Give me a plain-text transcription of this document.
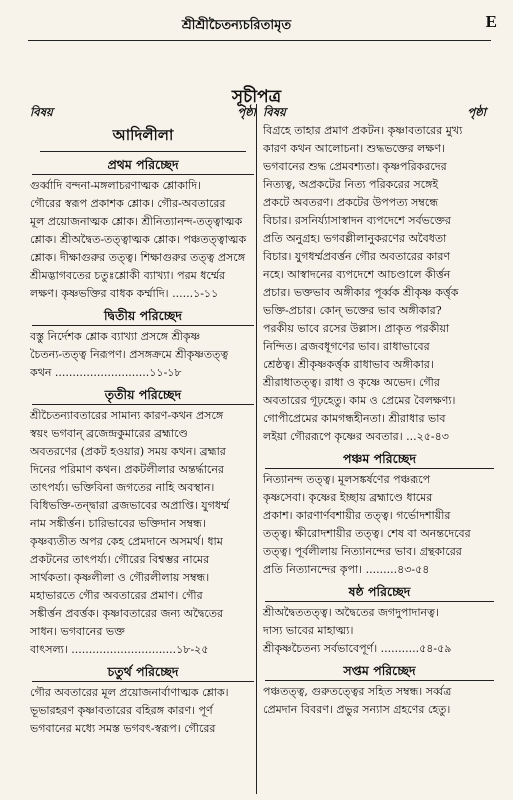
শ্রীশ্রীচৈতন্যচরিতামৃত	E
সূচীপত্র
বিষয়	পৃষ্ঠা
আদিলীলা
প্রথম পরিচ্ছেদ
গুর্ব্বাদি বন্দনা-মঙ্গলাচরণাত্মক শ্লোকাদি।
গৌরের স্বরূপ প্রকাশক শ্লোক। গৌর-অবতারের
মূল প্রয়োজনাত্মক শ্লোক। শ্রীনিত্যানন্দ-তত্ত্বাত্মক
শ্লোক। শ্রীঅদ্বৈত-তত্ত্বাত্মক শ্লোক। পঞ্চতত্ত্বাত্মক
শ্লোক। দীক্ষাগুরুর তত্ত্ব। শিক্ষাগুরুর তত্ত্ব প্রসঙ্গে
শ্রীমদ্ভাগবতের চতুঃশ্লোকী ব্যাখ্যা। পরম ধর্ম্মের
লক্ষণ। কৃষ্ণভক্তির বাধক কর্ম্মাদি। ......১-১১
দ্বিতীয় পরিচ্ছেদ
বস্তু নির্দেশক শ্লোক ব্যাখ্যা প্রসঙ্গে শ্রীকৃষ্ণ
চৈতন্য-তত্ত্ব নিরূপণ। প্রসঙ্গক্রমে শ্রীকৃষ্ণতত্ত্ব
কথন ...........................১১-১৮
তৃতীয় পরিচ্ছেদ
শ্রীচৈতন্যাবতারের সামান্য কারণ-কথন প্রসঙ্গে
স্বয়ং ভগবান্ ব্রজেন্দ্রকুমারের ব্রহ্মাণ্ডে
অবতরণের (প্রকট হওয়ার) সময় কথন। ব্রহ্মার
দিনের পরিমাণ কথন। প্রকটলীলার অন্তর্দ্ধানের
তাৎপর্য্য। ভক্তিবিনা জগতের নাহি অবস্থান।
বিধিভক্তি-তন্দ্বারা ব্রজভাবের অপ্রাপ্তি। যুগধর্ম্ম
নাম সঙ্কীর্ত্তন। চারিভাবের ভক্তিদান সম্বন্ধ।
কৃষ্ণব্যতীত অপর কেহ প্রেমদানে অসমর্থ। ধাম
প্রকটনের তাৎপর্য্য। গৌরের বিশ্বম্ভর নামের
সার্থকতা। কৃষ্ণলীলা ও গৌরলীলায় সম্বন্ধ।
মহাভারতে গৌর অবতারের প্রমাণ। গৌর
সঙ্কীর্ত্তন প্রবর্ত্তক। কৃষ্ণাবতারের জন্য অদ্বৈতের
সাধন। ভগবানের ভক্ত
বাৎসল্য। ..............................১৮-২৫
চতুর্থ পরিচ্ছেদ
গৌর অবতারের মূল প্রয়োজনার্বাণাত্মক শ্লোক।
ভূভারহরণ কৃষ্ণাবতারের বহিরঙ্গ কারণ। পূর্ণ
ভগবানের মধ্যে সমস্ত ভগবৎ-স্বরূপ। গৌরের
বিষয়	পৃষ্ঠা
বিগ্রহে তাহার প্রমাণ প্রকটন। কৃষ্ণাবতারের মুখ্য
কারণ কথন আলোচনা। শুদ্ধভক্তের লক্ষণ।
ভগবানের শুদ্ধ প্রেমবশ্যতা। কৃষ্ণপরিকরদের
নিত্যত্ব, অপ্রকটের নিত্য পরিকরের সঙ্গেই
প্রকটে অবতরণ। প্রকটের উপপত্য সম্বন্ধে
বিচার। রসনির্য্যাসাস্বাদন ব্যপদেশে সর্বভক্তের
প্রতি অনুগ্রহ। ভগবল্লীলানুকরণের অবৈধতা
বিচার। যুগধর্ম্মপ্রবর্ত্তন গৌর অবতারের কারণ
নহে। আস্বাদনের ব্যপদেশে আচণ্ডালে কীর্ত্তন
প্রচার। ভক্তভাব অঙ্গীকার পূর্ব্বক শ্রীকৃষ্ণ কর্ত্তৃক
ভক্তি-প্রচার। কোন্ ভক্তের ভাব অঙ্গীকার?
পরকীয় ভাবে রসের উল্লাস। প্রাকৃত পরকীয়া
নিন্দিত। ব্রজবধূগণের ভাব। রাধাভাবের
শ্রেষ্ঠত্ব। শ্রীকৃষ্ণকর্ত্তৃক রাধাভাব অঙ্গীকার।
শ্রীরাধাতত্ত্ব। রাধা ও কৃষ্ণে অভেদ। গৌর
অবতারের গূঢ়হেতু। কাম ও প্রেমের বৈলক্ষণ্য।
গোপীপ্রেমের কামগন্ধহীনতা। শ্রীরাধার ভাব
লইয়া গৌররূপে কৃষ্ণের অবতার। ...২৫-৪৩
পঞ্চম পরিচ্ছেদ
নিত্যানন্দ তত্ত্ব। মূলসঙ্কর্ষণের পঞ্চরূপে
কৃষ্ণসেবা। কৃষ্ণের ইচ্ছায় ব্রহ্মাণ্ডে ধামের
প্রকাশ। কারণার্ণবশায়ীর তত্ত্ব। গর্ভোদশায়ীর
তত্ত্ব। ক্ষীরোদশায়ীর তত্ত্ব। শেষ বা অনন্তদেবের
তত্ত্ব। পূর্বলীলায় নিত্যানন্দের ভাব। গ্রন্থকারের
প্রতি নিত্যানন্দের কৃপা। .........৪৩-৫৪
ষষ্ঠ পরিচ্ছেদ
শ্রীঅদ্বৈততত্ত্ব। অদ্বৈতের জগদুপাদানত্ব।
দাস্য ভাবের মাহাত্ম্য।
শ্রীকৃষ্ণচৈতন্য সর্বভাবেপূর্ণ। ...........৫৪-৫৯
সপ্তম পরিচ্ছেদ
পঞ্চতত্ত্ব, গুরুতত্ত্বের সহিত সম্বন্ধ। সর্ব্বত্র
প্রেমদান বিবরণ। প্রভুর সন্যাস গ্রহণের হেতু।
